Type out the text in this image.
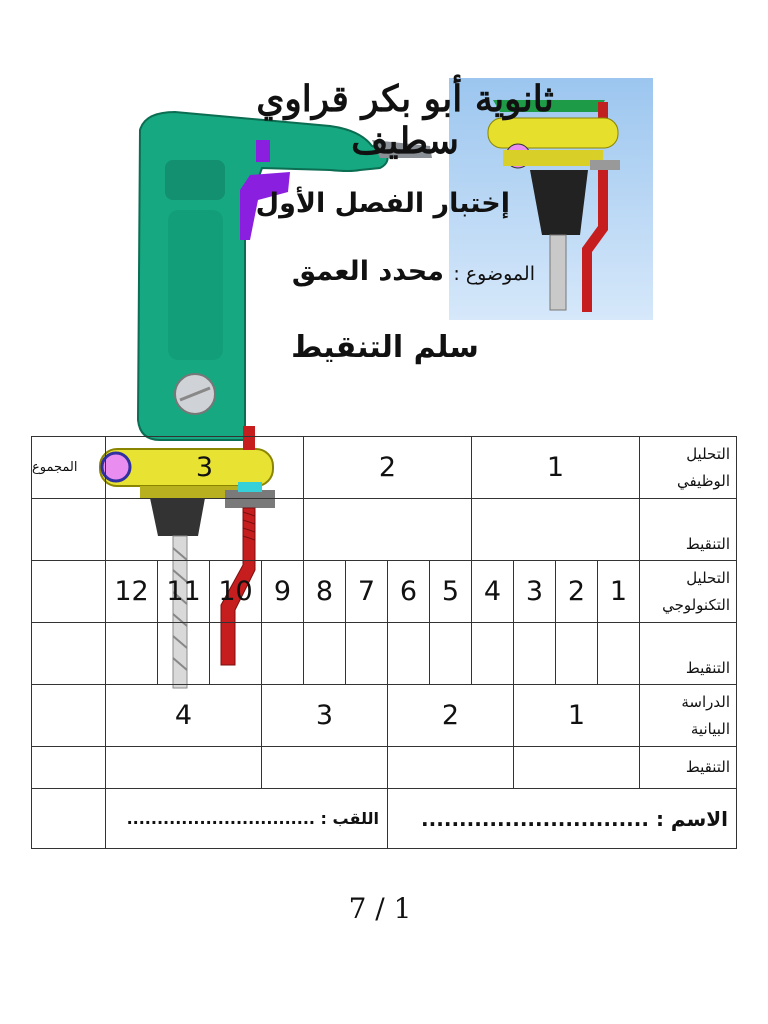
ثانوية أبو بكر قراوي سطيف
إختبار الفصل الأول
الموضوع : محدد العمق
سلم التنقيط
المجموع	3				2				1				التحليل الوظيفي
													التنقيط
	12	11	10	9	8	7	6	5	4	3	2	1	التحليل التكنولوجي
													التنقيط
	4			3			2			1			الدراسة البيانية
													التنقيط
	اللقب : ...............................						الاسم : ..............................						
7 / 1
